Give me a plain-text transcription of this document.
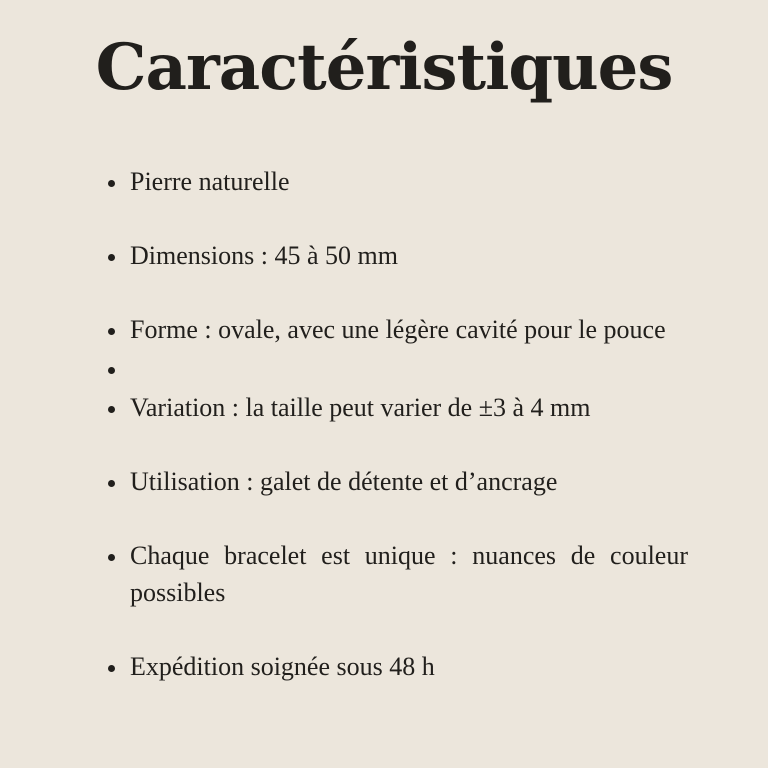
Caractéristiques
• Pierre naturelle
• Dimensions : 45 à 50 mm
• Forme : ovale, avec une légère cavité pour le pouce
•
• Variation : la taille peut varier de ±3 à 4 mm
• Utilisation : galet de détente et d’ancrage
• Chaque bracelet est unique : nuances de couleur possibles
• Expédition soignée sous 48 h
